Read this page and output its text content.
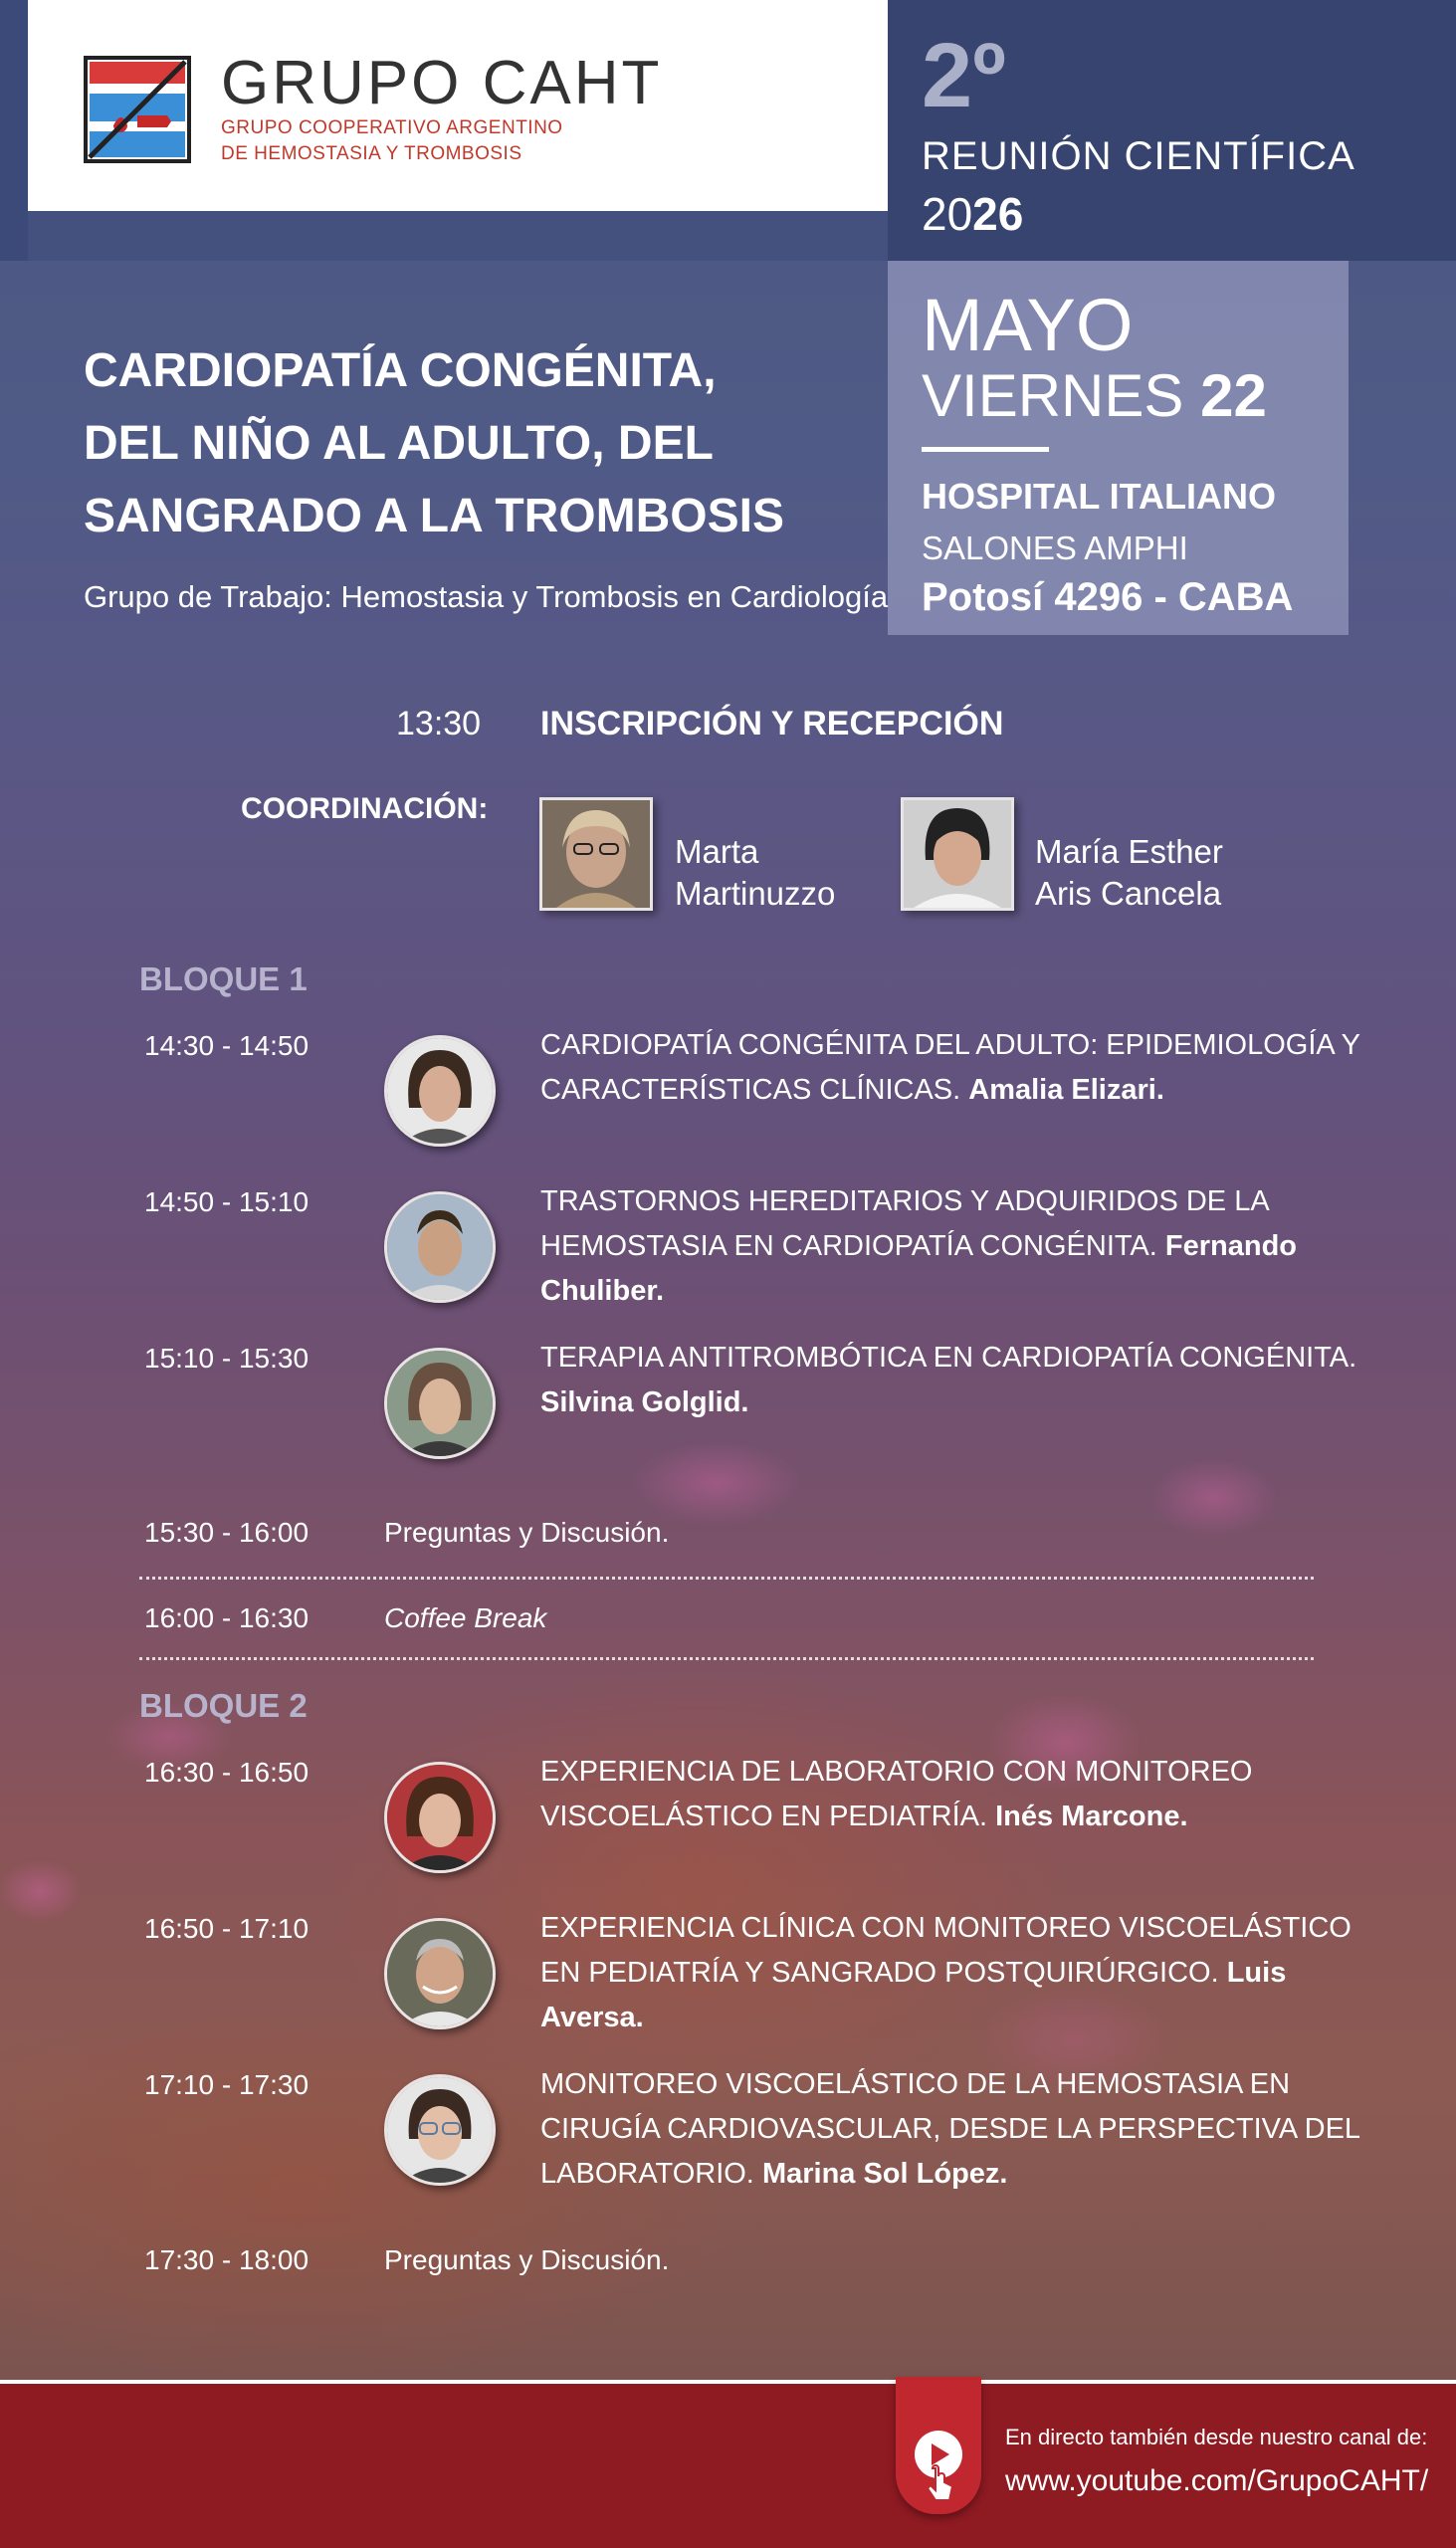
GRUPO CAHT
GRUPO COOPERATIVO ARGENTINO
DE HEMOSTASIA Y TROMBOSIS
2º
REUNIÓN CIENTÍFICA
2026
MAYO
VIERNES 22
HOSPITAL ITALIANO
SALONES AMPHI
Potosí 4296 - CABA
CARDIOPATÍA CONGÉNITA,
DEL NIÑO AL ADULTO, DEL
SANGRADO A LA TROMBOSIS
Grupo de Trabajo: Hemostasia y Trombosis en Cardiología
13:30 INSCRIPCIÓN Y RECEPCIÓN
COORDINACIÓN:
Marta
Martinuzzo
María Esther
Aris Cancela
BLOQUE 1
14:30 - 14:50	CARDIOPATÍA CONGÉNITA DEL ADULTO: EPIDEMIOLOGÍA Y CARACTERÍSTICAS CLÍNICAS. Amalia Elizari.
14:50 - 15:10	TRASTORNOS HEREDITARIOS Y ADQUIRIDOS DE LA HEMOSTASIA EN CARDIOPATÍA CONGÉNITA. Fernando Chuliber.
15:10 - 15:30	TERAPIA ANTITROMBÓTICA EN CARDIOPATÍA CONGÉNITA. Silvina Golglid.
15:30 - 16:00	Preguntas y Discusión.
16:00 - 16:30	Coffee Break
BLOQUE 2
16:30 - 16:50	EXPERIENCIA DE LABORATORIO CON MONITOREO VISCOELÁSTICO EN PEDIATRÍA. Inés Marcone.
16:50 - 17:10	EXPERIENCIA CLÍNICA CON MONITOREO VISCOELÁSTICO EN PEDIATRÍA Y SANGRADO POSTQUIRÚRGICO. Luis Aversa.
17:10 - 17:30	MONITOREO VISCOELÁSTICO DE LA HEMOSTASIA EN CIRUGÍA CARDIOVASCULAR, DESDE LA PERSPECTIVA DEL LABORATORIO. Marina Sol López.
17:30 - 18:00	Preguntas y Discusión.
En directo también desde nuestro canal de:
www.youtube.com/GrupoCAHT/
